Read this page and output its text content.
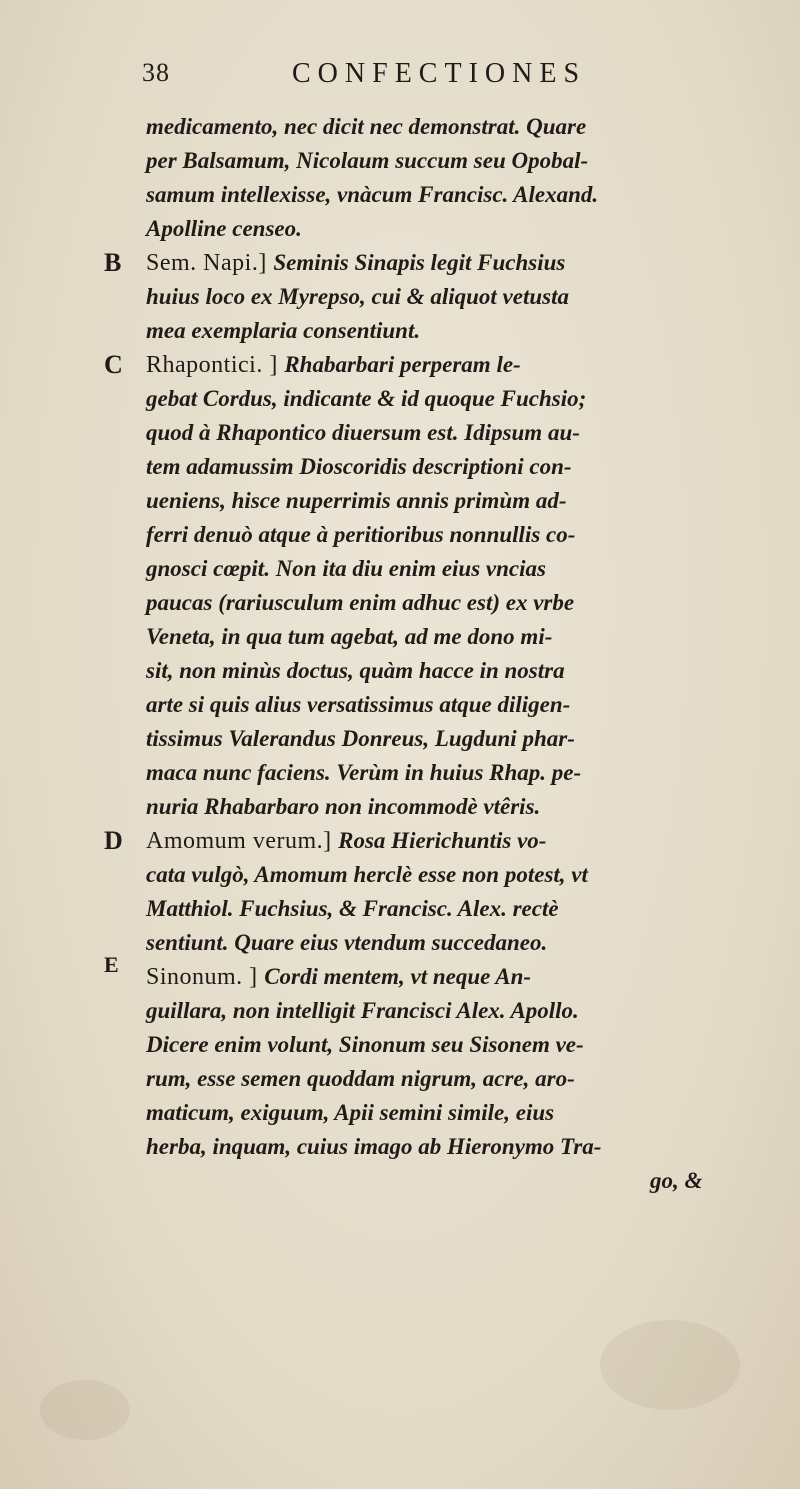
38	CONFECTIONES
medicamento, nec dicit nec demonstrat. Quare
per Balsamum, Nicolaum succum seu Opobal-
samum intellexisse, vnàcum Francisc. Alexand.
Apolline censeo.
B Sem. Napi.] Seminis Sinapis legit Fuchsius
huius loco ex Myrepso, cui & aliquot vetusta
mea exemplaria consentiunt.
C Rhapontici. ] Rhabarbari perperam le-
gebat Cordus, indicante & id quoque Fuchsio;
quod à Rhapontico diuersum est. Idipsum au-
tem adamussim Dioscoridis descriptioni con-
ueniens, hisce nuperrimis annis primùm ad-
ferri denuò atque à peritioribus nonnullis co-
gnosci cœpit. Non ita diu enim eius vncias
paucas (rariusculum enim adhuc est) ex vrbe
Veneta, in qua tum agebat, ad me dono mi-
sit, non minùs doctus, quàm hacce in nostra
arte si quis alius versatissimus atque diligen-
tissimus Valerandus Donreus, Lugduni phar-
maca nunc faciens. Verùm in huius Rhap. pe-
nuria Rhabarbaro non incommodè vtêris.
D Amomum verum.] Rosa Hierichuntis vo-
cata vulgò, Amomum herclè esse non potest, vt
Matthiol. Fuchsius, & Francisc. Alex. rectè
sentiunt. Quare eius vtendum succedaneo.
E Sinonum. ] Cordi mentem, vt neque An-
guillara, non intelligit Francisci Alex. Apollo.
Dicere enim volunt, Sinonum seu Sisonem ve-
rum, esse semen quoddam nigrum, acre, aro-
maticum, exiguum, Apii semini simile, eius
herba, inquam, cuius imago ab Hieronymo Tra-
go, &
